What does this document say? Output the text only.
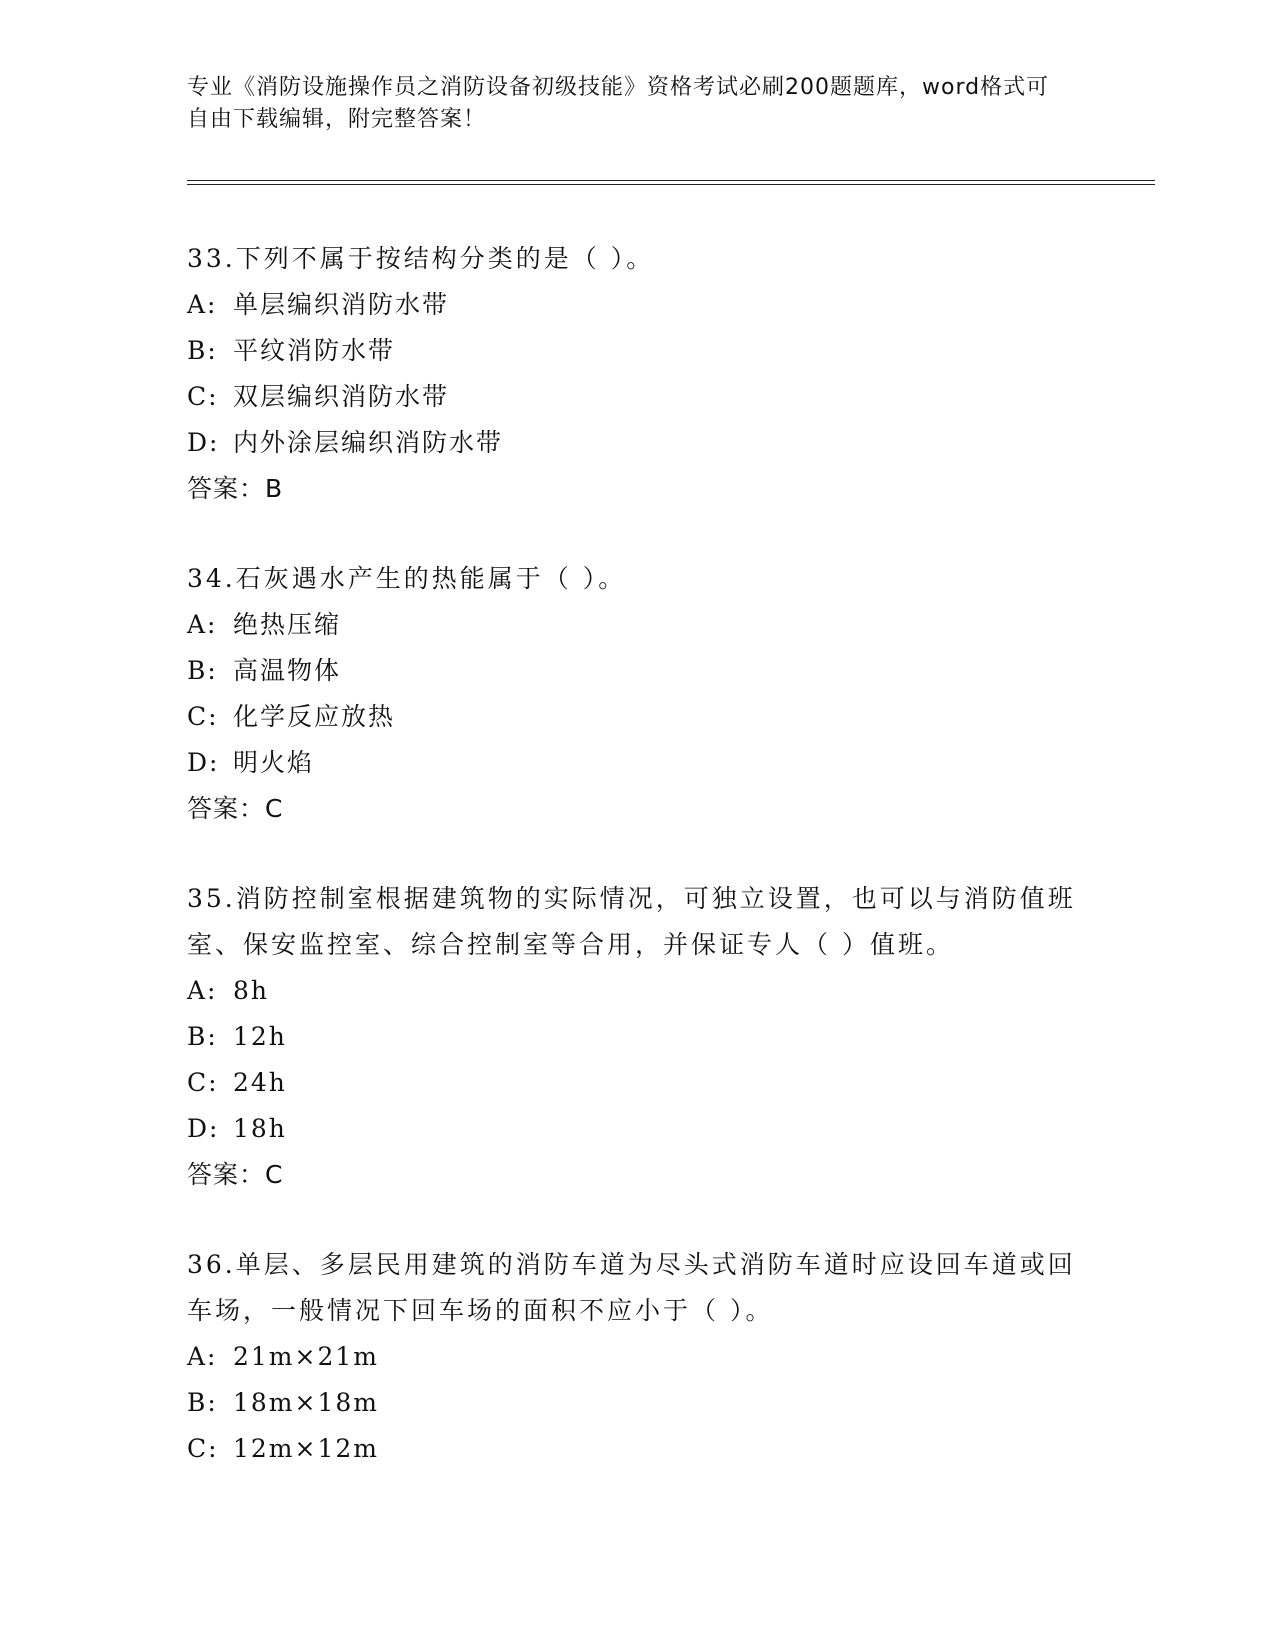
专业《消防设施操作员之消防设备初级技能》资格考试必刷200题题库，word格式可自由下载编辑，附完整答案！
33.下列不属于按结构分类的是（ ）。
A: 单层编织消防水带
B: 平纹消防水带
C: 双层编织消防水带
D: 内外涂层编织消防水带
答案：B
34.石灰遇水产生的热能属于（ ）。
A: 绝热压缩
B: 高温物体
C: 化学反应放热
D: 明火焰
答案：C
35.消防控制室根据建筑物的实际情况，可独立设置，也可以与消防值班室、保安监控室、综合控制室等合用，并保证专人（ ）值班。
A: 8h
B: 12h
C: 24h
D: 18h
答案：C
36.单层、多层民用建筑的消防车道为尽头式消防车道时应设回车道或回车场，一般情况下回车场的面积不应小于（ ）。
A: 21m×21m
B: 18m×18m
C: 12m×12m
